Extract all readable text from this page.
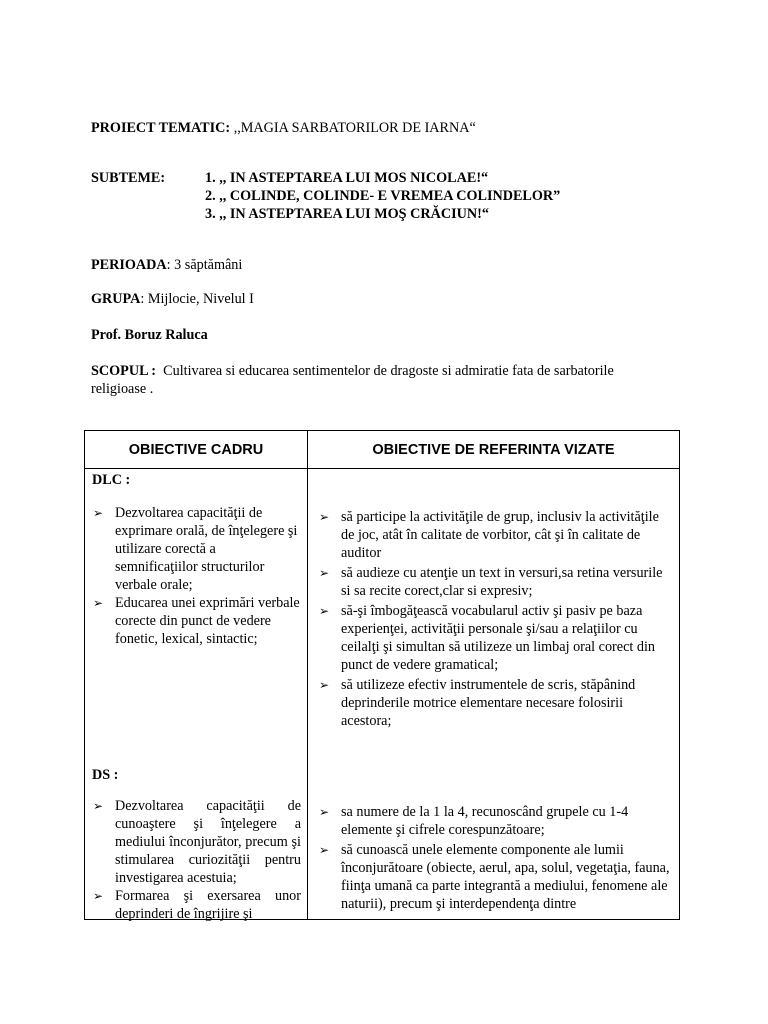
PROIECT TEMATIC: ,,MAGIA SARBATORILOR DE IARNA“
SUBTEME:	1. ,, IN ASTEPTAREA LUI MOS NICOLAE!“
2. ,, COLINDE, COLINDE- E VREMEA COLINDELOR”
3. ,, IN ASTEPTAREA LUI MOŞ CRĂCIUN!“
PERIOADA: 3 săptămâni
GRUPA: Mijlocie, Nivelul I
Prof. Boruz Raluca
SCOPUL :  Cultivarea si educarea sentimentelor de dragoste si admiratie fata de sarbatorile
religioase .
OBIECTIVE CADRU	OBIECTIVE DE REFERINTA VIZATE
DLC :
➢ Dezvoltarea capacităţii de exprimare orală, de înţelegere şi utilizare corectă a semnificaţiilor structurilor verbale orale;
➢ Educarea unei exprimări verbale corecte din punct de vedere fonetic, lexical, sintactic;
➢ să participe la activităţile de grup, inclusiv la activităţile de joc, atât în calitate de vorbitor, cât şi în calitate de auditor
➢ să audieze cu atenţie un text in versuri,sa retina versurile si sa recite corect,clar si expresiv;
➢ să-şi îmbogăţească vocabularul activ şi pasiv pe baza experienţei, activităţii personale şi/sau a relaţiilor cu ceilalţi şi simultan să utilizeze un limbaj oral corect din punct de vedere gramatical;
➢ să utilizeze efectiv instrumentele de scris, stăpânind deprinderile motrice elementare necesare folosirii acestora;
DS :
➢ Dezvoltarea capacităţii de cunoaştere şi înţelegere a mediului înconjurător, precum şi stimularea curiozităţii pentru investigarea acestuia;
➢ Formarea şi exersarea unor deprinderi de îngrijire şi
➢ sa numere de la 1 la 4, recunoscând grupele cu 1-4 elemente şi cifrele corespunzătoare;
➢ să cunoască unele elemente componente ale lumii înconjurătoare (obiecte, aerul, apa, solul, vegetaţia, fauna, fiinţa umană ca parte integrantă a mediului, fenomene ale naturii), precum şi interdependenţa dintre
